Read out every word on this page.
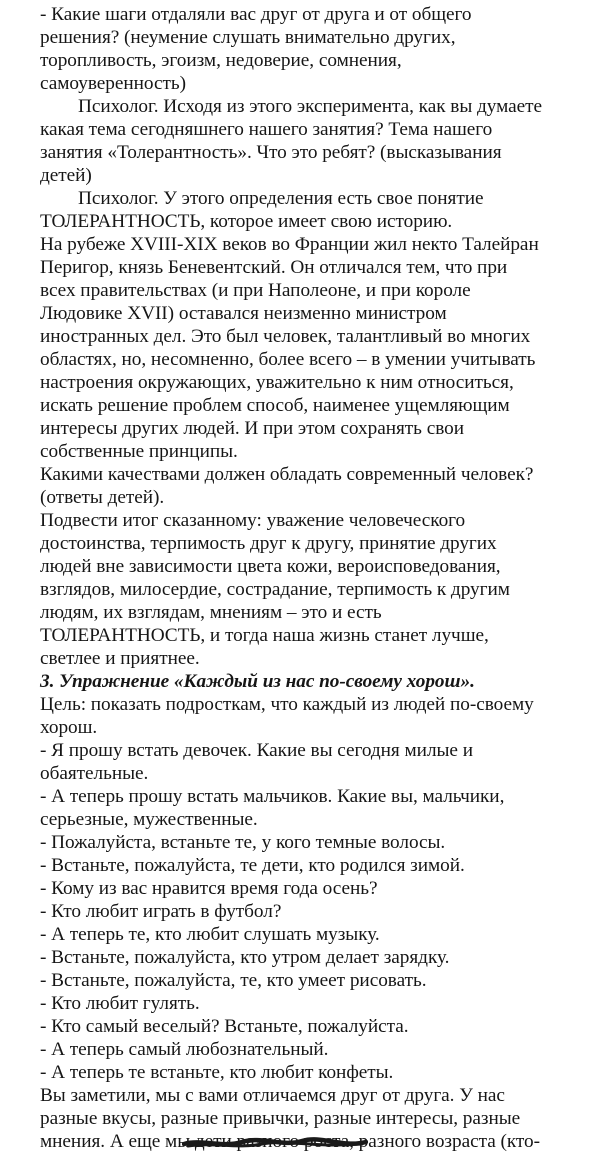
- Какие шаги отдаляли вас друг от друга и от общего
решения? (неумение слушать внимательно других,
торопливость, эгоизм, недоверие, сомнения,
самоуверенность)
Психолог. Исходя из этого эксперимента, как вы думаете
какая тема сегодняшнего нашего занятия? Тема нашего
занятия «Толерантность». Что это ребят? (высказывания
детей)
Психолог. У этого определения есть свое понятие
ТОЛЕРАНТНОСТЬ, которое имеет свою историю.
На рубеже XVIII-XIX веков во Франции жил некто Талейран
Перигор, князь Беневентский. Он отличался тем, что при
всех правительствах (и при Наполеоне, и при короле
Людовике XVII) оставался неизменно министром
иностранных дел. Это был человек, талантливый во многих
областях, но, несомненно, более всего – в умении учитывать
настроения окружающих, уважительно к ним относиться,
искать решение проблем способ, наименее ущемляющим
интересы других людей. И при этом сохранять свои
собственные принципы.
Какими качествами должен обладать современный человек?
(ответы детей).
Подвести итог сказанному: уважение человеческого
достоинства, терпимость друг к другу, принятие других
людей вне зависимости цвета кожи, вероисповедования,
взглядов, милосердие, сострадание, терпимость к другим
людям, их взглядам, мнениям – это и есть
ТОЛЕРАНТНОСТЬ, и тогда наша жизнь станет лучше,
светлее и приятнее.
3. Упражнение «Каждый из нас по-своему хорош».
Цель: показать подросткам, что каждый из людей по-своему
хорош.
- Я прошу встать девочек. Какие вы сегодня милые и
обаятельные.
- А теперь прошу встать мальчиков. Какие вы, мальчики,
серьезные, мужественные.
- Пожалуйста, встаньте те, у кого темные волосы.
- Встаньте, пожалуйста, те дети, кто родился зимой.
- Кому из вас нравится время года осень?
- Кто любит играть в футбол?
- А теперь те, кто любит слушать музыку.
- Встаньте, пожалуйста, кто утром делает зарядку.
- Встаньте, пожалуйста, те, кто умеет рисовать.
- Кто любит гулять.
- Кто самый веселый? Встаньте, пожалуйста.
- А теперь самый любознательный.
- А теперь те встаньте, кто любит конфеты.
Вы заметили, мы с вами отличаемся друг от друга. У нас
разные вкусы, разные привычки, разные интересы, разные
мнения. А еще мы дети разного роста, разного возраста (кто-
